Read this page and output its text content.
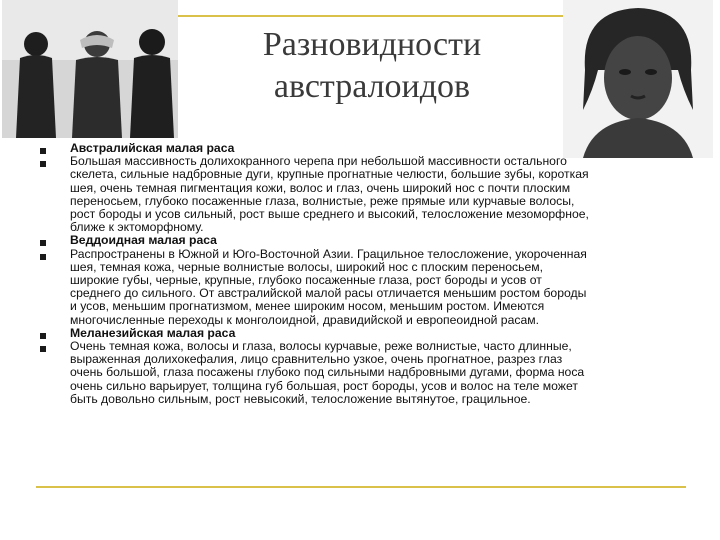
Разновидности
австралоидов
Австралийская малая раса
Большая массивность долихокранного черепа при небольшой массивности остального
скелета, сильные надбровные дуги, крупные прогнатные челюсти, большие зубы, короткая
шея, очень темная пигментация кожи, волос и глаз, очень широкий нос с почти плоским
переносьем, глубоко посаженные глаза, волнистые, реже прямые или курчавые волосы,
рост бороды и усов сильный, рост выше среднего и высокий, телосложение мезоморфное,
ближе к эктоморфному.
Веддоидная малая раса
Распространены в Южной и Юго-Восточной Азии. Грацильное телосложение, укороченная
шея, темная кожа, черные волнистые волосы, широкий нос с плоским переносьем,
широкие губы, черные, крупные, глубоко посаженные глаза, рост бороды и усов от
среднего до сильного. От австралийской малой расы отличается меньшим ростом бороды
и усов, меньшим прогнатизмом, менее широким носом, меньшим ростом. Имеются
многочисленные переходы к монголоидной, дравидийской и европеоидной расам.
Меланезийская малая раса
Очень темная кожа, волосы и глаза, волосы курчавые, реже волнистые, часто длинные,
выраженная долихокефалия, лицо сравнительно узкое, очень прогнатное, разрез глаз
очень большой, глаза посажены глубоко под сильными надбровными дугами, форма носа
очень сильно варьирует, толщина губ большая, рост бороды, усов и волос на теле может
быть довольно сильным, рост невысокий, телосложение вытянутое, грацильное.
